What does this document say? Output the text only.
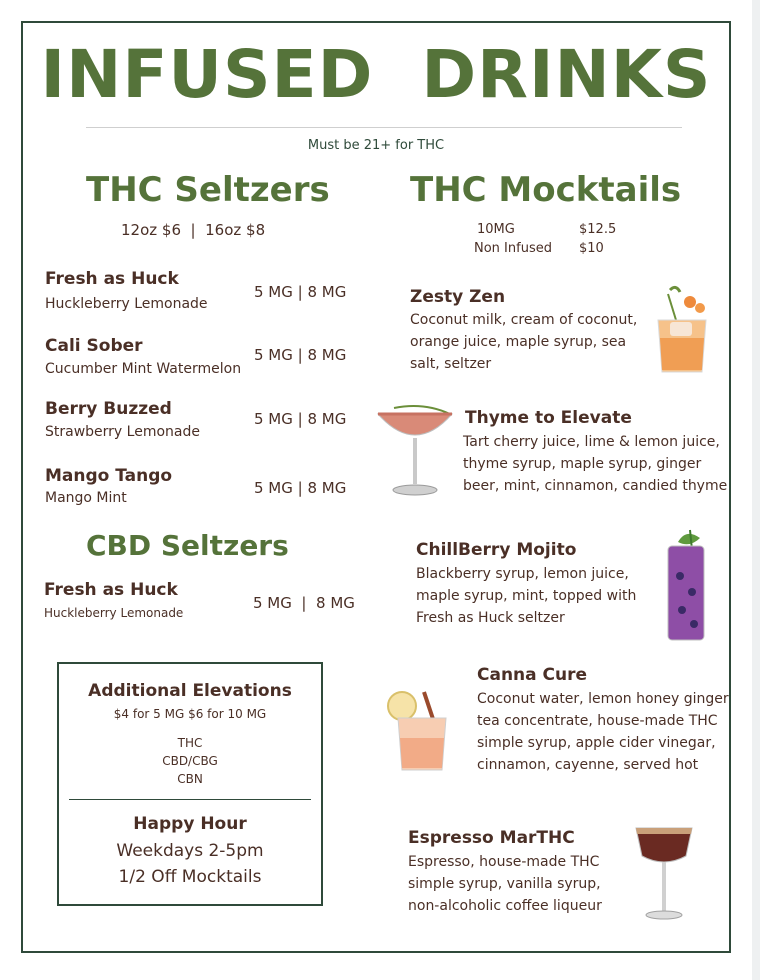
INFUSED  DRINKS
Must be 21+ for THC
THC Seltzers
12oz $6  |  16oz $8
Fresh as Huck
Huckleberry Lemonade
5 MG | 8 MG
Cali Sober
Cucumber Mint Watermelon
5 MG | 8 MG
Berry Buzzed
Strawberry Lemonade
5 MG | 8 MG
Mango Tango
Mango Mint
5 MG | 8 MG
CBD Seltzers
Fresh as Huck
Huckleberry Lemonade
5 MG  |  8 MG
Additional Elevations
$4 for 5 MG $6 for 10 MG
THC
CBD/CBG
CBN
Happy Hour
Weekdays 2-5pm
1/2 Off Mocktails
THC Mocktails
10MG	$12.5
Non Infused $10
Zesty Zen
Coconut milk, cream of coconut, orange juice, maple syrup, sea salt, seltzer
Thyme to Elevate
Tart cherry juice, lime & lemon juice, thyme syrup, maple syrup, ginger beer, mint, cinnamon, candied thyme
ChillBerry Mojito
Blackberry syrup, lemon juice, maple syrup, mint, topped with Fresh as Huck seltzer
Canna Cure
Coconut water, lemon honey ginger tea concentrate, house-made THC simple syrup, apple cider vinegar, cinnamon, cayenne, served hot
Espresso MarTHC
Espresso, house-made THC simple syrup, vanilla syrup, non-alcoholic coffee liqueur
